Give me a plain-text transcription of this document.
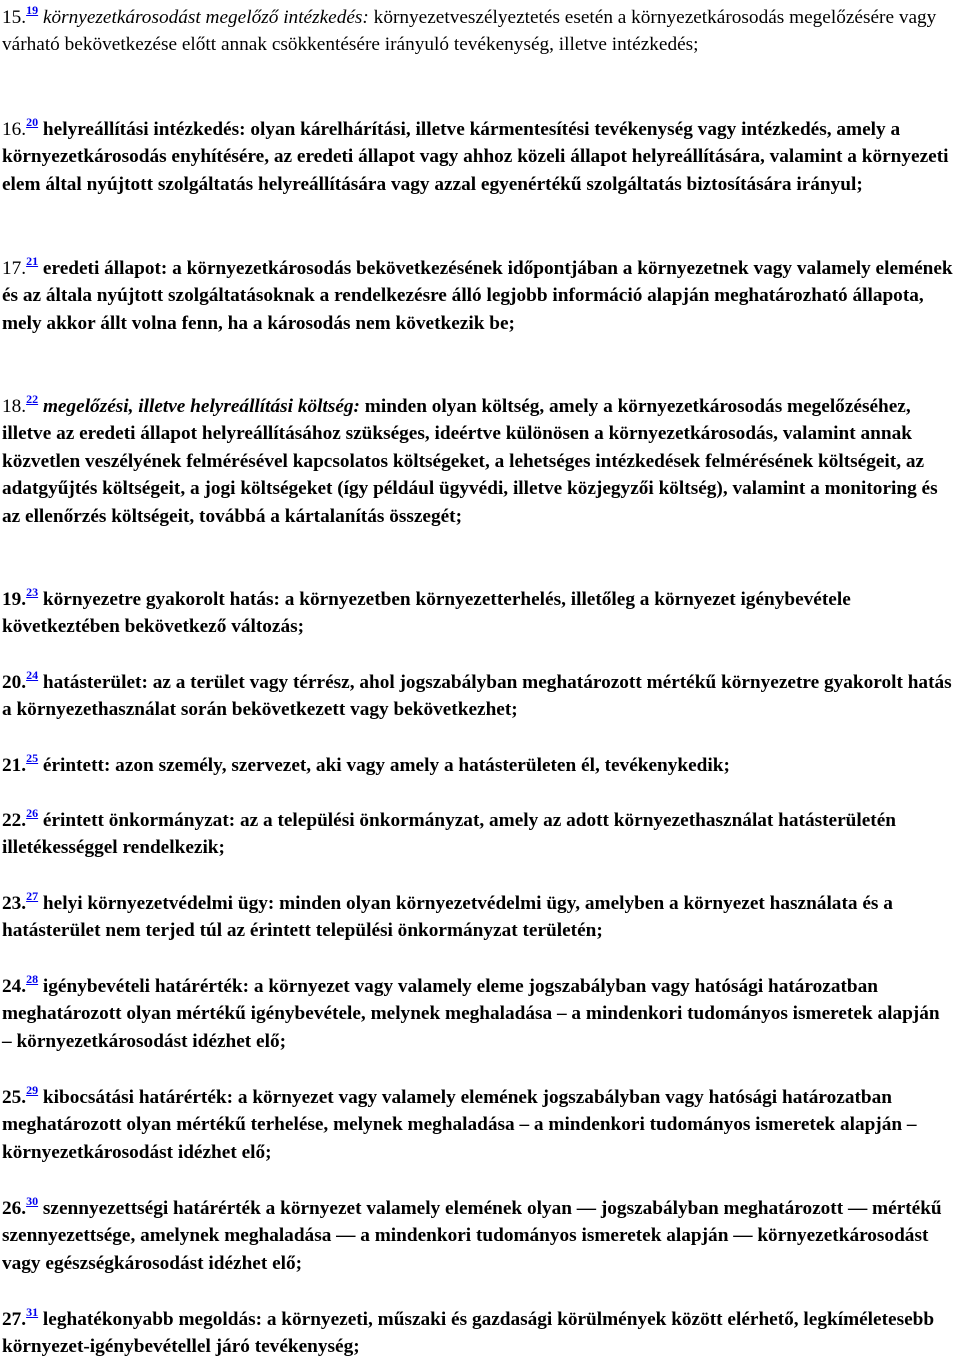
15.19 környezetkárosodást megelőző intézkedés: környezetveszélyeztetés esetén a környezetkárosodás megelőzésére vagy várható bekövetkezése előtt annak csökkentésére irányuló tevékenység, illetve intézkedés;

16.20 helyreállítási intézkedés: olyan kárelhárítási, illetve kármentesítési tevékenység vagy intézkedés, amely a környezetkárosodás enyhítésére, az eredeti állapot vagy ahhoz közeli állapot helyreállítására, valamint a környezeti elem által nyújtott szolgáltatás helyreállítására vagy azzal egyenértékű szolgáltatás biztosítására irányul;

17.21 eredeti állapot: a környezetkárosodás bekövetkezésének időpontjában a környezetnek vagy valamely elemének és az általa nyújtott szolgáltatásoknak a rendelkezésre álló legjobb információ alapján meghatározható állapota, mely akkor állt volna fenn, ha a károsodás nem következik be;

18.22 megelőzési, illetve helyreállítási költség: minden olyan költség, amely a környezetkárosodás megelőzéséhez, illetve az eredeti állapot helyreállításához szükséges, ideértve különösen a környezetkárosodás, valamint annak közvetlen veszélyének felmérésével kapcsolatos költségeket, a lehetséges intézkedések felmérésének költségeit, az adatgyűjtés költségeit, a jogi költségeket (így például ügyvédi, illetve közjegyzői költség), valamint a monitoring és az ellenőrzés költségeit, továbbá a kártalanítás összegét;

19.23 környezetre gyakorolt hatás: a környezetben környezetterhelés, illetőleg a környezet igénybevétele következtében bekövetkező változás;

20.24 hatásterület: az a terület vagy térrész, ahol jogszabályban meghatározott mértékű környezetre gyakorolt hatás a környezethasználat során bekövetkezett vagy bekövetkezhet;

21.25 érintett: azon személy, szervezet, aki vagy amely a hatásterületen él, tevékenykedik;

22.26 érintett önkormányzat: az a települési önkormányzat, amely az adott környezethasználat hatásterületén illetékességgel rendelkezik;

23.27 helyi környezetvédelmi ügy: minden olyan környezetvédelmi ügy, amelyben a környezet használata és a hatásterület nem terjed túl az érintett települési önkormányzat területén;

24.28 igénybevételi határérték: a környezet vagy valamely eleme jogszabályban vagy hatósági határozatban meghatározott olyan mértékű igénybevétele, melynek meghaladása – a mindenkori tudományos ismeretek alapján – környezetkárosodást idézhet elő;

25.29 kibocsátási határérték: a környezet vagy valamely elemének jogszabályban vagy hatósági határozatban meghatározott olyan mértékű terhelése, melynek meghaladása – a mindenkori tudományos ismeretek alapján – környezetkárosodást idézhet elő;

26.30 szennyezettségi határérték a környezet valamely elemének olyan — jogszabályban meghatározott — mértékű szennyezettsége, amelynek meghaladása — a mindenkori tudományos ismeretek alapján — környezetkárosodást vagy egészségkárosodást idézhet elő;

27.31 leghatékonyabb megoldás: a környezeti, műszaki és gazdasági körülmények között elérhető, legkíméletesebb környezet-igénybevétellel járó tevékenység;
